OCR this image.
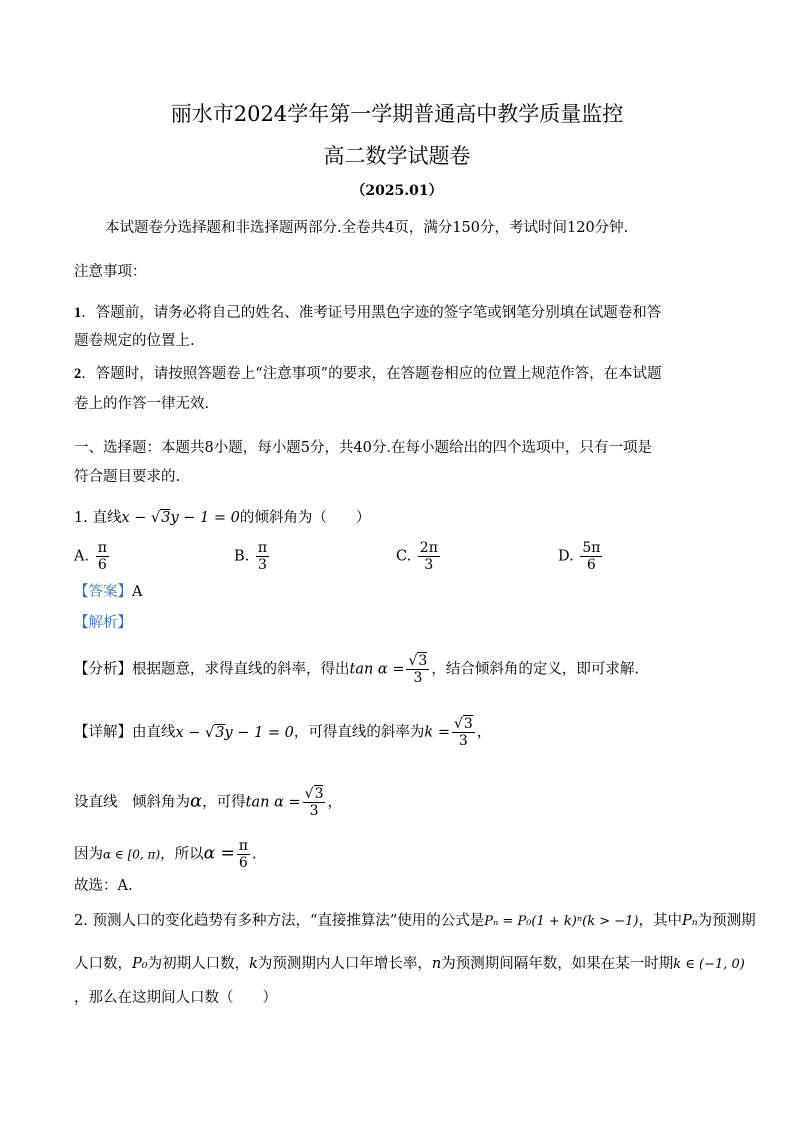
丽水市2024学年第一学期普通高中教学质量监控
高二数学试题卷
（2025.01）
本试题卷分选择题和非选择题两部分.全卷共4页，满分150分，考试时间120分钟.
注意事项：
1．答题前，请务必将自己的姓名、准考证号用黑色字迹的签字笔或钢笔分别填在试题卷和答
题卷规定的位置上.
2．答题时，请按照答题卷上“注意事项”的要求，在答题卷相应的位置上规范作答，在本试题
卷上的作答一律无效.
一、选择题：本题共8小题，每小题5分，共40分.在每小题给出的四个选项中，只有一项是
符合题目要求的.
1. 直线x − √3y − 1 = 0的倾斜角为（　　）
A. $\frac{\pi}{6}$	B. $\frac{\pi}{3}$	C. $\frac{2\pi}{3}$	D. $\frac{5\pi}{6}$
【答案】A
【解析】
【分析】根据题意，求得直线的斜率，得出$\tan \alpha = \frac{√3}{3}$ ，结合倾斜角的定义，即可求解.
【详解】由直线x − √3y − 1 = 0，可得直线的斜率为$k = \frac{√3}{3}$ ，
设直线　倾斜角为α，可得$\tan \alpha = \frac{√3}{3}$ ，
因为α ∈ [0, π)，所以$\alpha = \frac{\pi}{6}$ .
故选：A.
2. 预测人口的变化趋势有多种方法，“直接推算法”使用的公式是Pₙ = P₀(1 + k)ⁿ(k > −1)，其中Pₙ为预测期
人口数，P₀为初期人口数，k为预测期内人口年增长率，n为预测期间隔年数，如果在某一时期k ∈ (−1, 0)
，那么在这期间人口数（　　）
